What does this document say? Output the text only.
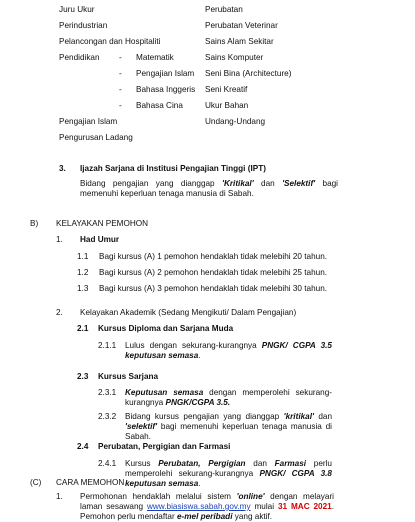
Juru Ukur
Perindustrian
Pelancongan dan Hospitaliti
Pendidikan - Matematik
- Pengajian Islam
- Bahasa Inggeris
- Bahasa Cina
Pengajian Islam
Pengurusan Ladang
Perubatan
Perubatan Veterinar
Sains Alam Sekitar
Sains Komputer
Seni Bina (Architecture)
Seni Kreatif
Ukur Bahan
Undang-Undang
3. Ijazah Sarjana di Institusi Pengajian Tinggi (IPT)
Bidang pengajian yang dianggap 'Kritikal' dan 'Selektif' bagi memenuhi keperluan tenaga manusia di Sabah.
B) KELAYAKAN PEMOHON
1. Had Umur
1.1 Bagi kursus (A) 1 pemohon hendaklah tidak melebihi 20 tahun.
1.2 Bagi kursus (A) 2 pemohon hendaklah tidak melebihi 25 tahun.
1.3 Bagi kursus (A) 3 pemohon hendaklah tidak melebihi 30 tahun.
2. Kelayakan Akademik (Sedang Mengikuti/ Dalam Pengajian)
2.1 Kursus Diploma dan Sarjana Muda
2.1.1 Lulus dengan sekurang-kurangnya PNGK/ CGPA 3.5 keputusan semasa.
2.3 Kursus Sarjana
2.3.1 Keputusan semasa dengan memperolehi sekurang-kurangnya PNGK/CGPA 3.5.
2.3.2 Bidang kursus pengajian yang dianggap 'kritikal' dan 'selektif' bagi memenuhi keperluan tenaga manusia di Sabah.
2.4 Perubatan, Pergigian dan Farmasi
2.4.1 Kursus Perubatan, Pergigian dan Farmasi perlu memperolehi sekurang-kurangnya PNGK/ CGPA 3.8 keputusan semasa.
(C) CARA MEMOHON
1. Permohonan hendaklah melalui sistem 'online' dengan melayari laman sesawang www.biasiswa.sabah.gov.my mulai 31 MAC 2021. Pemohon perlu mendaftar e-mel peribadi yang aktif.
